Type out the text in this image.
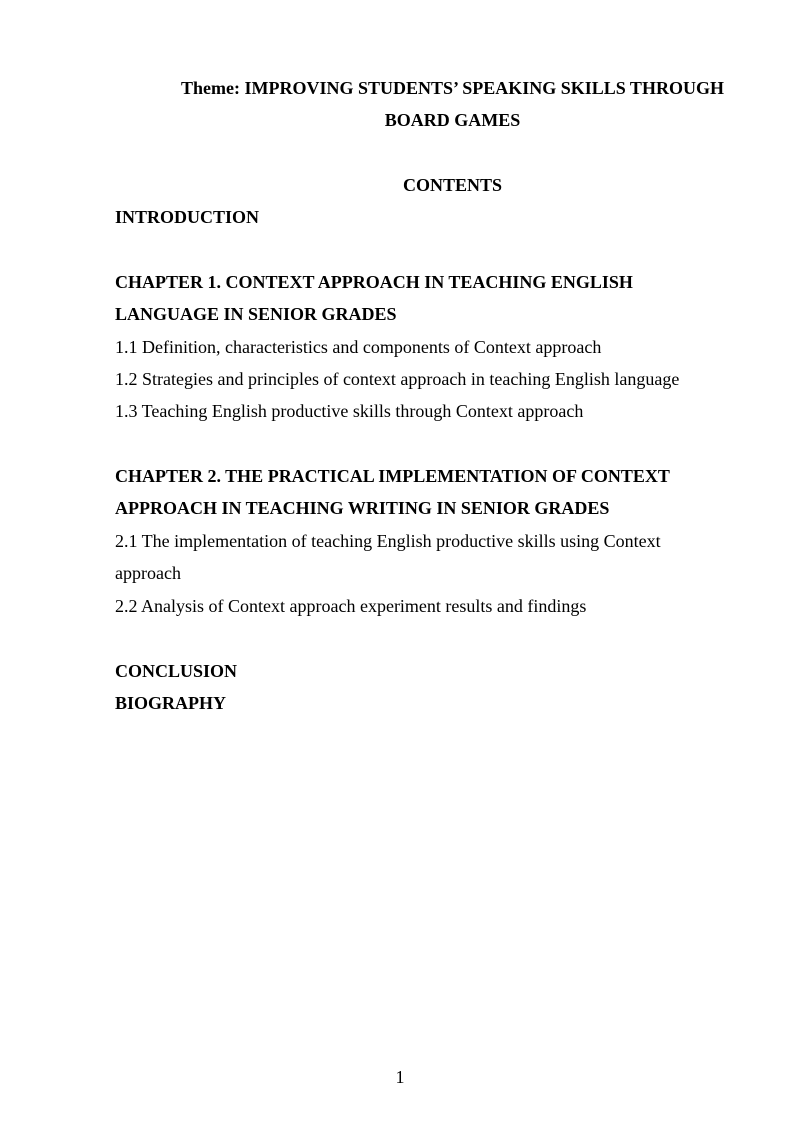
Theme: IMPROVING STUDENTS’ SPEAKING SKILLS THROUGH
BOARD GAMES
CONTENTS
INTRODUCTION
CHAPTER 1. CONTEXT APPROACH IN TEACHING ENGLISH
LANGUAGE IN SENIOR GRADES
1.1 Definition, characteristics and components of Context approach
1.2 Strategies and principles of context approach in teaching English language
1.3 Teaching English productive skills through Context approach
CHAPTER 2. THE PRACTICAL IMPLEMENTATION OF CONTEXT
APPROACH IN TEACHING WRITING IN SENIOR GRADES
2.1 The implementation of teaching English productive skills using Context
approach
2.2 Analysis of Context approach experiment results and findings
CONCLUSION
BIOGRAPHY
1
